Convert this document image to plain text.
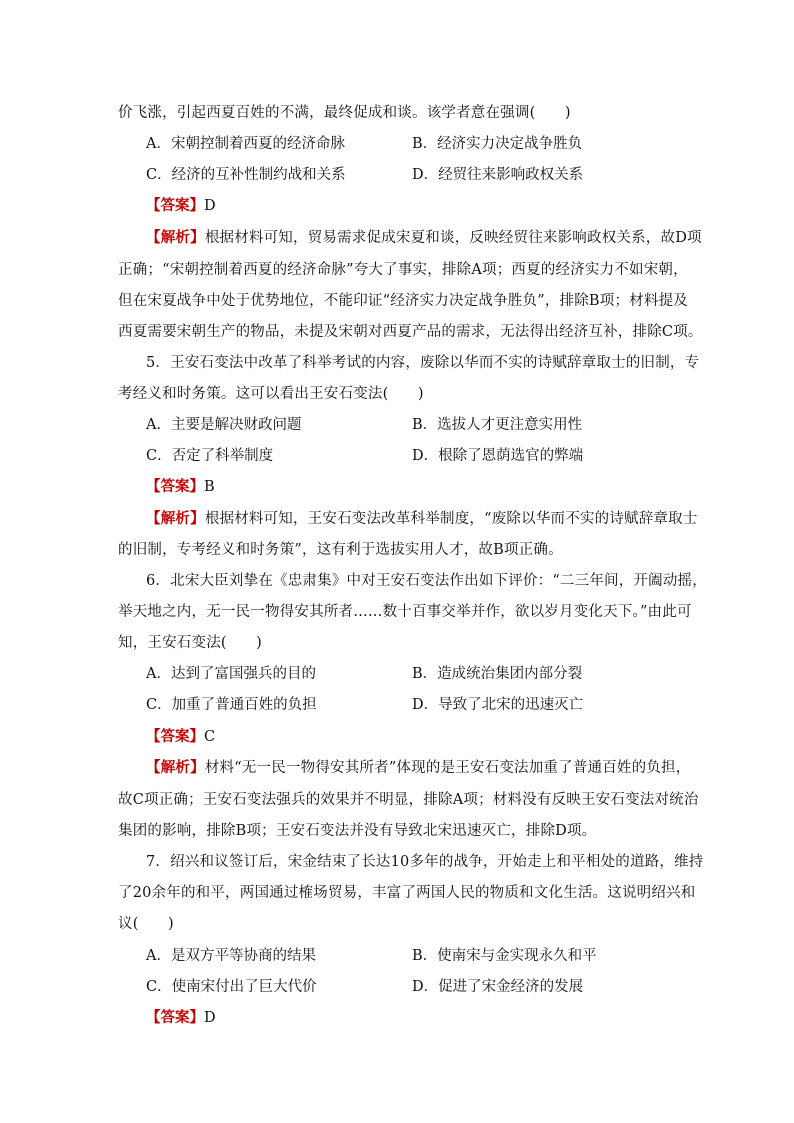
价飞涨，引起西夏百姓的不满，最终促成和谈。该学者意在强调(　　)
A．宋朝控制着西夏的经济命脉	B．经济实力决定战争胜负
C．经济的互补性制约战和关系	D．经贸往来影响政权关系
【答案】D
【解析】根据材料可知，贸易需求促成宋夏和谈，反映经贸往来影响政权关系，故D项
正确；“宋朝控制着西夏的经济命脉”夸大了事实，排除A项；西夏的经济实力不如宋朝，
但在宋夏战争中处于优势地位，不能印证“经济实力决定战争胜负”，排除B项；材料提及
西夏需要宋朝生产的物品，未提及宋朝对西夏产品的需求，无法得出经济互补，排除C项。
5．王安石变法中改革了科举考试的内容，废除以华而不实的诗赋辞章取士的旧制，专
考经义和时务策。这可以看出王安石变法(　　)
A．主要是解决财政问题	B．选拔人才更注意实用性
C．否定了科举制度	D．根除了恩荫选官的弊端
【答案】B
【解析】根据材料可知，王安石变法改革科举制度，“废除以华而不实的诗赋辞章取士
的旧制，专考经义和时务策”，这有利于选拔实用人才，故B项正确。
6．北宋大臣刘挚在《忠肃集》中对王安石变法作出如下评价：“二三年间，开阖动摇，
举天地之内，无一民一物得安其所者……数十百事交举并作，欲以岁月变化天下。”由此可
知，王安石变法(　　)
A．达到了富国强兵的目的	B．造成统治集团内部分裂
C．加重了普通百姓的负担	D．导致了北宋的迅速灭亡
【答案】C
【解析】材料“无一民一物得安其所者”体现的是王安石变法加重了普通百姓的负担，
故C项正确；王安石变法强兵的效果并不明显，排除A项；材料没有反映王安石变法对统治
集团的影响，排除B项；王安石变法并没有导致北宋迅速灭亡，排除D项。
7．绍兴和议签订后，宋金结束了长达10多年的战争，开始走上和平相处的道路，维持
了20余年的和平，两国通过榷场贸易，丰富了两国人民的物质和文化生活。这说明绍兴和
议(　　)
A．是双方平等协商的结果	B．使南宋与金实现永久和平
C．使南宋付出了巨大代价	D．促进了宋金经济的发展
【答案】D
